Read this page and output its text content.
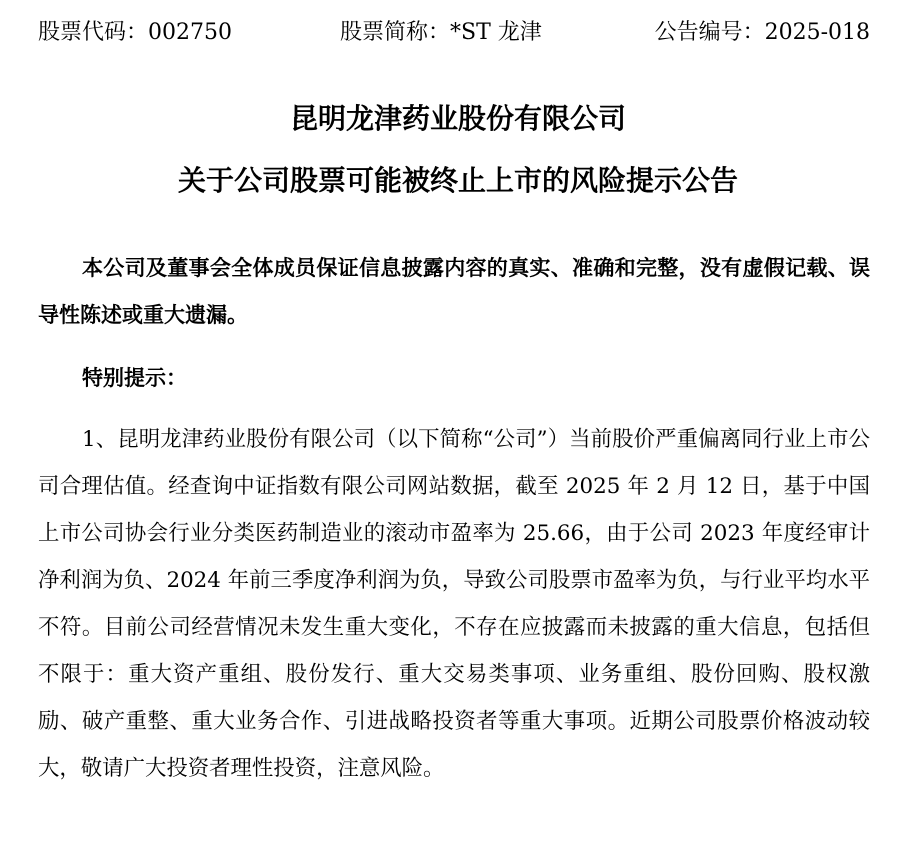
股票代码：002750	股票简称：*ST 龙津	公告编号：2025-018
昆明龙津药业股份有限公司
关于公司股票可能被终止上市的风险提示公告

本公司及董事会全体成员保证信息披露内容的真实、准确和完整，没有虚假记载、误导性陈述或重大遗漏。

特别提示：

1、昆明龙津药业股份有限公司（以下简称“公司”）当前股价严重偏离同行业上市公司合理估值。经查询中证指数有限公司网站数据，截至 2025 年 2 月 12 日，基于中国上市公司协会行业分类医药制造业的滚动市盈率为 25.66，由于公司 2023 年度经审计净利润为负、2024 年前三季度净利润为负，导致公司股票市盈率为负，与行业平均水平不符。目前公司经营情况未发生重大变化，不存在应披露而未披露的重大信息，包括但不限于：重大资产重组、股份发行、重大交易类事项、业务重组、股份回购、股权激励、破产重整、重大业务合作、引进战略投资者等重大事项。近期公司股票价格波动较大，敬请广大投资者理性投资，注意风险。
